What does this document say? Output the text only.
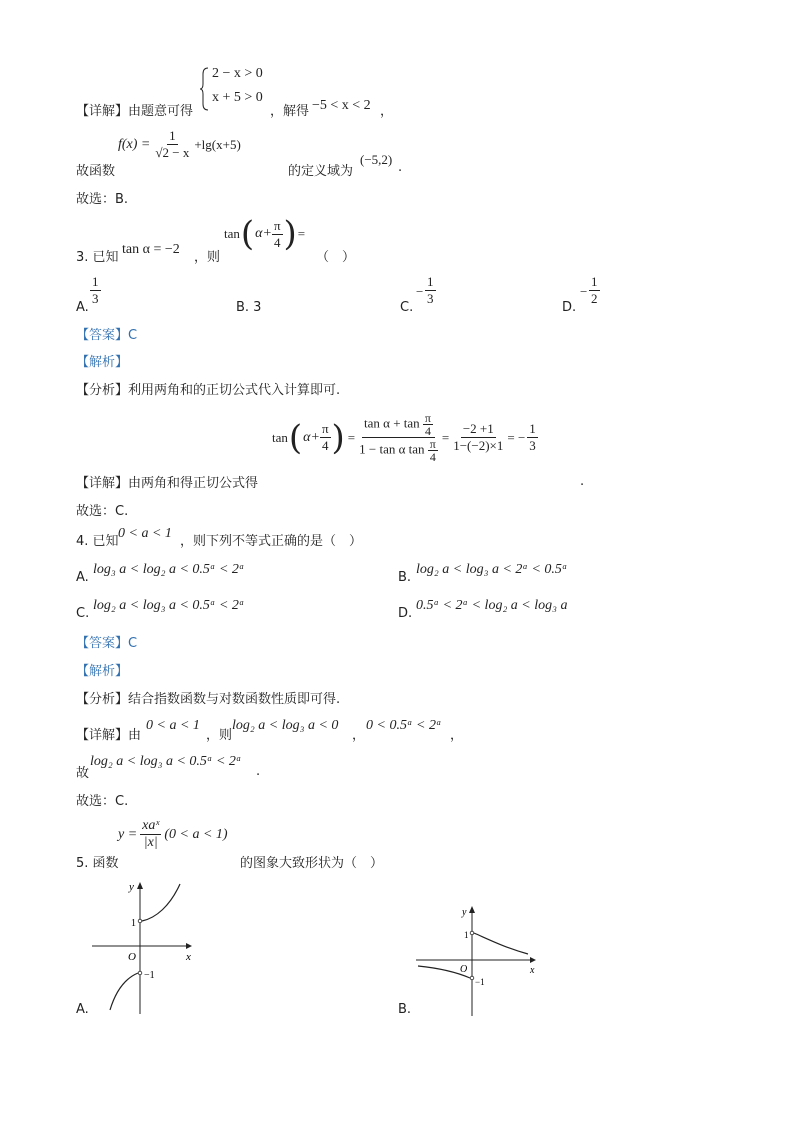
【详解】由题意可得
2 − x > 0
x + 5 > 0
，解得 −5 < x < 2 ，
故函数
$f(x) = \frac{1}{√2 - x} +\lg(x+5)$
的定义域为
(−5,2)
.
故选：B.
3. 已知
tan α = −2
，则
tan ( $\alpha+ \frac{\pi}{4}$ ) =
（　）
A.
$\frac{1}{3}$
B. 3	C.
− $\frac{1}{3}$
D.
− $\frac{1}{2}$
【答案】C
【解析】
【分析】利用两角和的正切公式代入计算即可.
tan ( $\alpha+ \frac{\pi}{4}$ ) = $\frac{\tan \alpha + \tan \frac{\pi}{4}}{1 - \tan \alpha \tan \frac{\pi}{4}} = \frac{-2 +1}{1-(-2)\times 1}$ = − $\frac{1}{3}$
【详解】由两角和得正切公式得	.
故选：C.
4. 已知
0 < a < 1
，则下列不等式正确的是（　）
A.
log₃ a < log₂ a < 0.5ᵃ < 2ᵃ
B.
log₂ a < log₃ a < 2ᵃ < 0.5ᵃ
C.
log₂ a < log₃ a < 0.5ᵃ < 2ᵃ
D.
0.5ᵃ < 2ᵃ < log₂ a < log₃ a
【答案】C
【解析】
【分析】结合指数函数与对数函数性质即可得.
【详解】由
0 < a < 1
，则
log₂ a < log₃ a < 0
，
0 < 0.5ᵃ < 2ᵃ
，
故
log₂ a < log₃ a < 0.5ᵃ < 2ᵃ
.
故选：C.
5. 函数
$y = \frac{\text{xaˣ}}{|x|} (0 < a < 1)$
的图象大致形状为（　）
y
x
O
1
−1
A.
y
x
O
1
−1
B.
